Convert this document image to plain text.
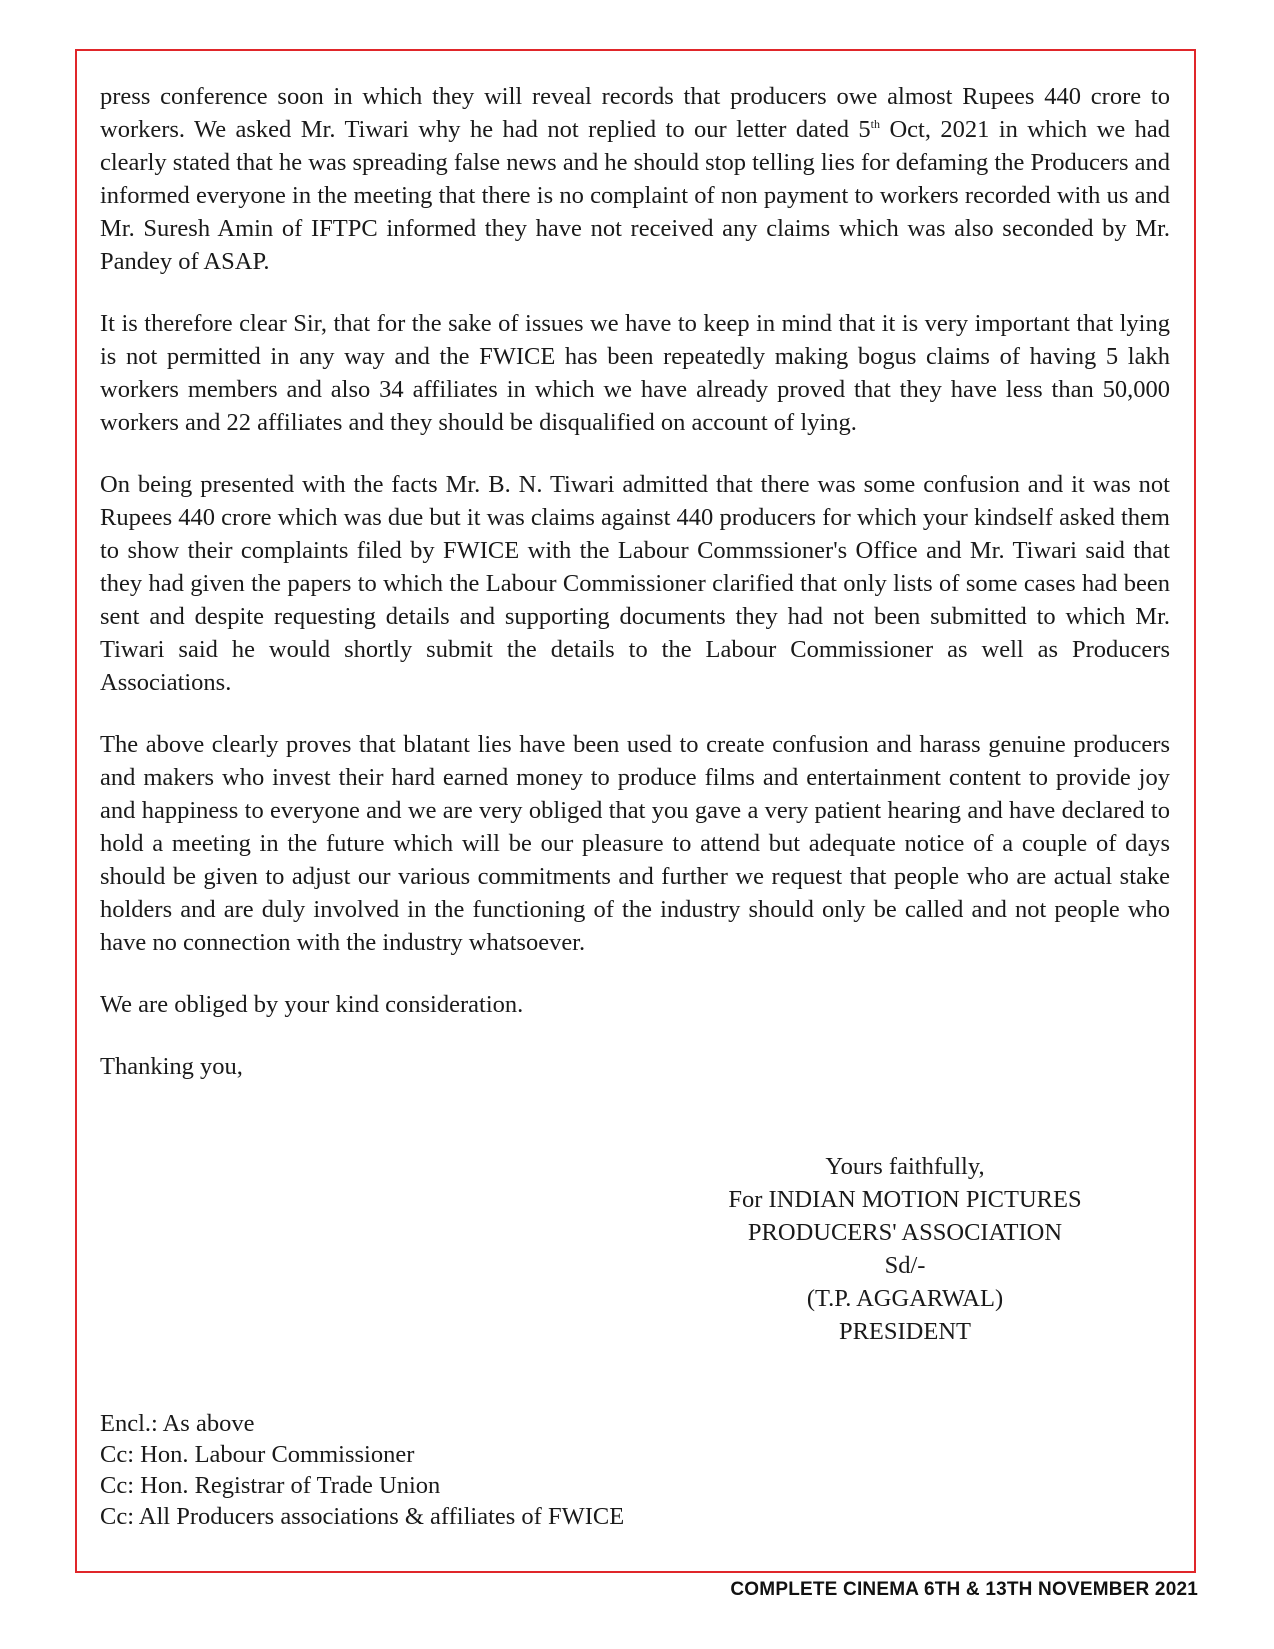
press conference soon in which they will reveal records that producers owe almost Rupees 440 crore to workers. We asked Mr. Tiwari why he had not replied to our letter dated 5th Oct, 2021 in which we had clearly stated that he was spreading false news and he should stop telling lies for defaming the Producers and informed everyone in the meeting that there is no complaint of non payment to workers recorded with us and Mr. Suresh Amin of IFTPC informed they have not received any claims which was also seconded by Mr. Pandey of ASAP.

It is therefore clear Sir, that for the sake of issues we have to keep in mind that it is very important that lying is not permitted in any way and the FWICE has been repeatedly making bogus claims of having 5 lakh workers members and also 34 affiliates in which we have already proved that they have less than 50,000 workers and 22 affiliates and they should be disqualified on account of lying.

On being presented with the facts Mr. B. N. Tiwari admitted that there was some confusion and it was not Rupees 440 crore which was due but it was claims against 440 producers for which your kindself asked them to show their complaints filed by FWICE with the Labour Commssioner's Office and Mr. Tiwari said that they had given the papers to which the Labour Commissioner clarified that only lists of some cases had been sent and despite requesting details and supporting documents they had not been submitted to which Mr. Tiwari said he would shortly submit the details to the Labour Commissioner as well as Producers Associations.

The above clearly proves that blatant lies have been used to create confusion and harass genuine producers and makers who invest their hard earned money to produce films and entertainment content to provide joy and happiness to everyone and we are very obliged that you gave a very patient hearing and have declared to hold a meeting in the future which will be our pleasure to attend but adequate notice of a couple of days should be given to adjust our various commitments and further we request that people who are actual stake holders and are duly involved in the functioning of the industry should only be called and not people who have no connection with the industry whatsoever.

We are obliged by your kind consideration.

Thanking you,

Yours faithfully,
For INDIAN MOTION PICTURES
PRODUCERS' ASSOCIATION
Sd/-
(T.P. AGGARWAL)
PRESIDENT
Encl.: As above
Cc: Hon. Labour Commissioner
Cc: Hon. Registrar of Trade Union
Cc: All Producers associations & affiliates of FWICE
COMPLETE CINEMA 6TH & 13TH NOVEMBER 2021
